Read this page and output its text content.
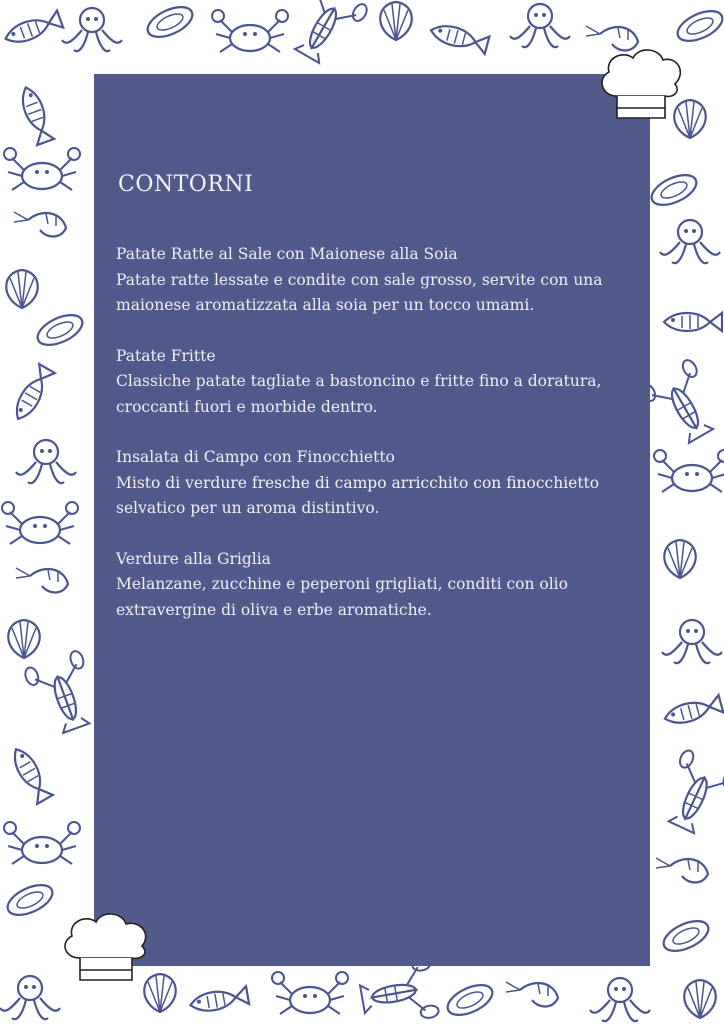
CONTORNI

Patate Ratte al Sale con Maionese alla Soia

Patate ratte lessate e condite con sale grosso, servite con una maionese aromatizzata alla soia per un tocco umami.

Patate Fritte

Classiche patate tagliate a bastoncino e fritte fino a doratura, croccanti fuori e morbide dentro.

Insalata di Campo con Finocchietto

Misto di verdure fresche di campo arricchito con finocchietto selvatico per un aroma distintivo.

Verdure alla Griglia

Melanzane, zucchine e peperoni grigliati, conditi con olio extravergine di oliva e erbe aromatiche.
